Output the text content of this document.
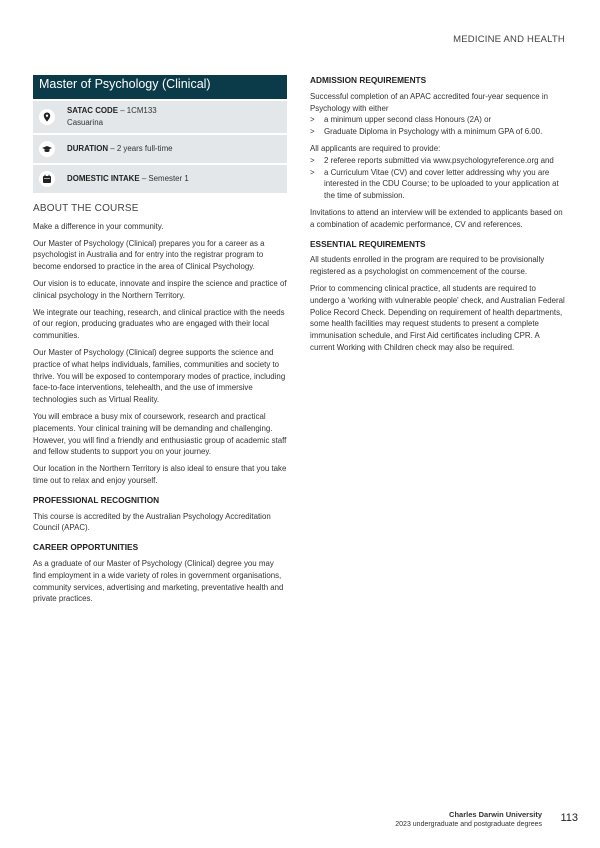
MEDICINE AND HEALTH
Master of Psychology (Clinical)
SATAC CODE – 1CM133
Casuarina
DURATION – 2 years full-time
DOMESTIC INTAKE – Semester 1
ABOUT THE COURSE

Make a difference in your community.

Our Master of Psychology (Clinical) prepares you for a career as a psychologist in Australia and for entry into the registrar program to become endorsed to practice in the area of Clinical Psychology.

Our vision is to educate, innovate and inspire the science and practice of clinical psychology in the Northern Territory.

We integrate our teaching, research, and clinical practice with the needs of our region, producing graduates who are engaged with their local communities.

Our Master of Psychology (Clinical) degree supports the science and practice of what helps individuals, families, communities and society to thrive. You will be exposed to contemporary modes of practice, including face-to-face interventions, telehealth, and the use of immersive technologies such as Virtual Reality.

You will embrace a busy mix of coursework, research and practical placements. Your clinical training will be demanding and challenging. However, you will find a friendly and enthusiastic group of academic staff and fellow students to support you on your journey.

Our location in the Northern Territory is also ideal to ensure that you take time out to relax and enjoy yourself.

PROFESSIONAL RECOGNITION

This course is accredited by the Australian Psychology Accreditation Council (APAC).

CAREER OPPORTUNITIES

As a graduate of our Master of Psychology (Clinical) degree you may find employment in a wide variety of roles in government organisations, community services, advertising and marketing, preventative health and private practices.

ADMISSION REQUIREMENTS

Successful completion of an APAC accredited four-year sequence in Psychology with either

> a minimum upper second class Honours (2A) or
> Graduate Diploma in Psychology with a minimum GPA of 6.00.

All applicants are required to provide:

> 2 referee reports submitted via www.psychologyreference.org and
> a Curriculum Vitae (CV) and cover letter addressing why you are interested in the CDU Course; to be uploaded to your application at the time of submission.

Invitations to attend an interview will be extended to applicants based on a combination of academic performance, CV and references.

ESSENTIAL REQUIREMENTS

All students enrolled in the program are required to be provisionally registered as a psychologist on commencement of the course.

Prior to commencing clinical practice, all students are required to undergo a 'working with vulnerable people' check, and Australian Federal Police Record Check. Depending on requirement of health departments, some health facilities may request students to present a complete immunisation schedule, and First Aid certificates including CPR. A current Working with Children check may also be required.

Charles Darwin University
2023 undergraduate and postgraduate degrees
113
